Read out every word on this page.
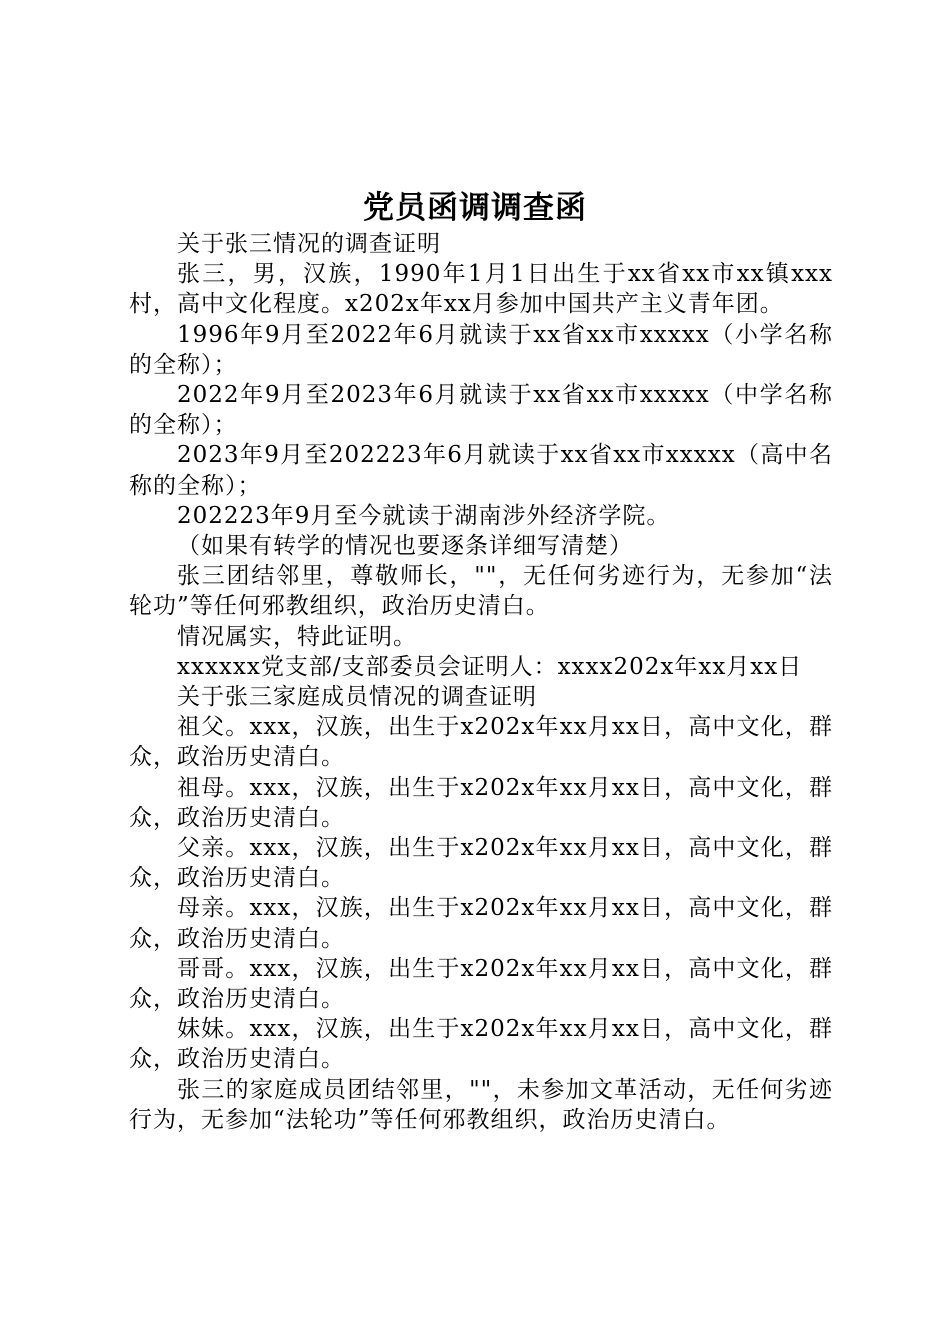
党员函调调查函

关于张三情况的调查证明

张三，男，汉族，1990年1月1日出生于xx省xx市xx镇xxx村，高中文化程度。x202x年xx月参加中国共产主义青年团。

1996年9月至2022年6月就读于xx省xx市xxxxx（小学名称的全称）；

2022年9月至2023年6月就读于xx省xx市xxxxx（中学名称的全称）；

2023年9月至202223年6月就读于xx省xx市xxxxx（高中名称的全称）；

202223年9月至今就读于湖南涉外经济学院。

（如果有转学的情况也要逐条详细写清楚）

张三团结邻里，尊敬师长，""，无任何劣迹行为，无参加“法轮功”等任何邪教组织，政治历史清白。

情况属实，特此证明。

xxxxxx党支部/支部委员会证明人：xxxx202x年xx月xx日

关于张三家庭成员情况的调查证明

祖父。xxx，汉族，出生于x202x年xx月xx日，高中文化，群众，政治历史清白。

祖母。xxx，汉族，出生于x202x年xx月xx日，高中文化，群众，政治历史清白。

父亲。xxx，汉族，出生于x202x年xx月xx日，高中文化，群众，政治历史清白。

母亲。xxx，汉族，出生于x202x年xx月xx日，高中文化，群众，政治历史清白。

哥哥。xxx，汉族，出生于x202x年xx月xx日，高中文化，群众，政治历史清白。

妹妹。xxx，汉族，出生于x202x年xx月xx日，高中文化，群众，政治历史清白。

张三的家庭成员团结邻里，""，未参加文革活动，无任何劣迹行为，无参加“法轮功”等任何邪教组织，政治历史清白。
